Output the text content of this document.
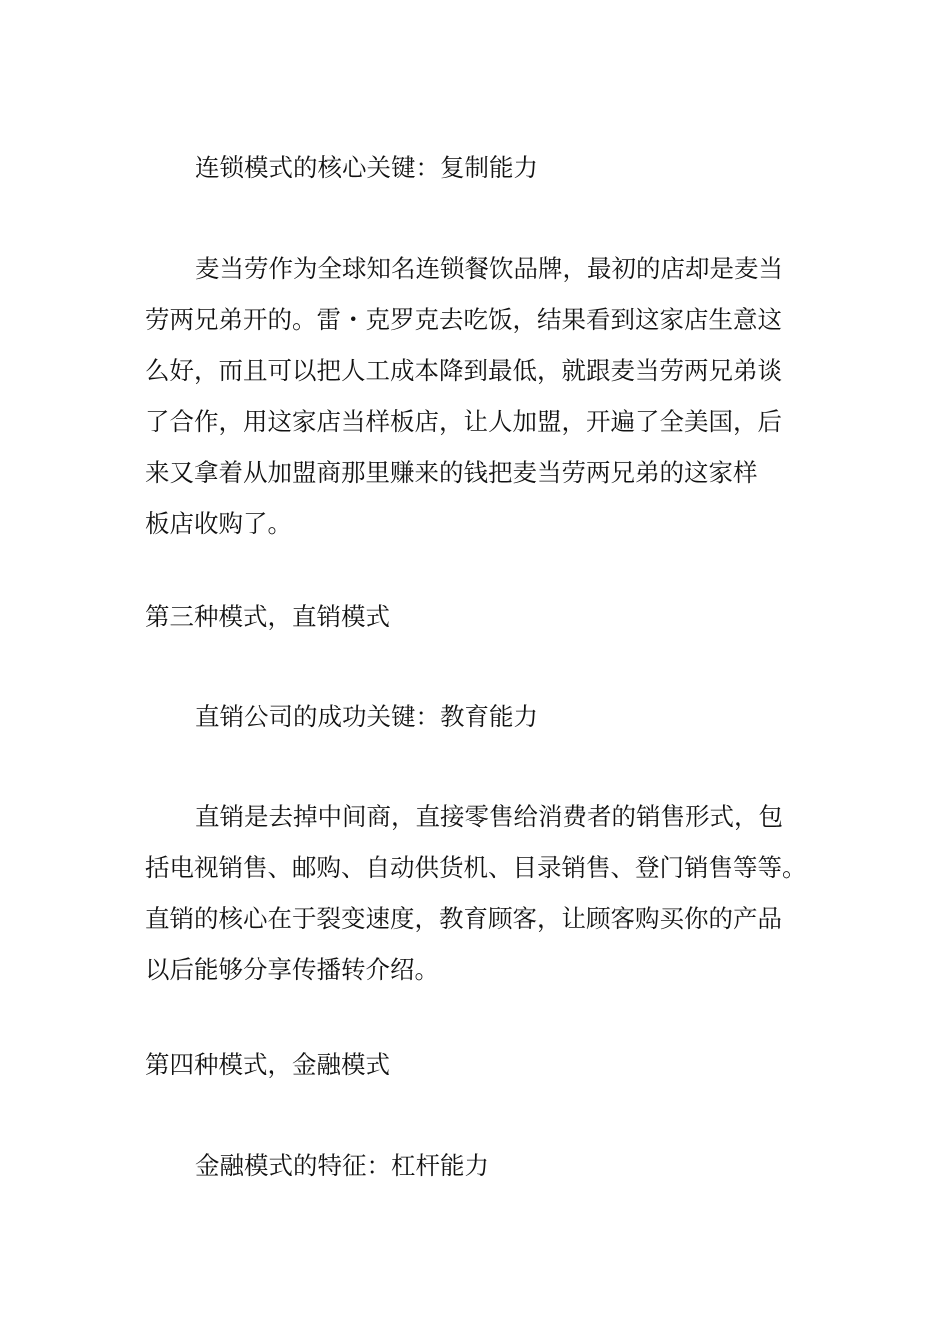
连锁模式的核心关键：复制能力

麦当劳作为全球知名连锁餐饮品牌，最初的店却是麦当
劳两兄弟开的。雷・克罗克去吃饭，结果看到这家店生意这
么好，而且可以把人工成本降到最低，就跟麦当劳两兄弟谈
了合作，用这家店当样板店，让人加盟，开遍了全美国，后
来又拿着从加盟商那里赚来的钱把麦当劳两兄弟的这家样
板店收购了。

第三种模式，直销模式

直销公司的成功关键：教育能力

直销是去掉中间商，直接零售给消费者的销售形式，包
括电视销售、邮购、自动供货机、目录销售、登门销售等等。
直销的核心在于裂变速度，教育顾客，让顾客购买你的产品
以后能够分享传播转介绍。

第四种模式，金融模式

金融模式的特征：杠杆能力
